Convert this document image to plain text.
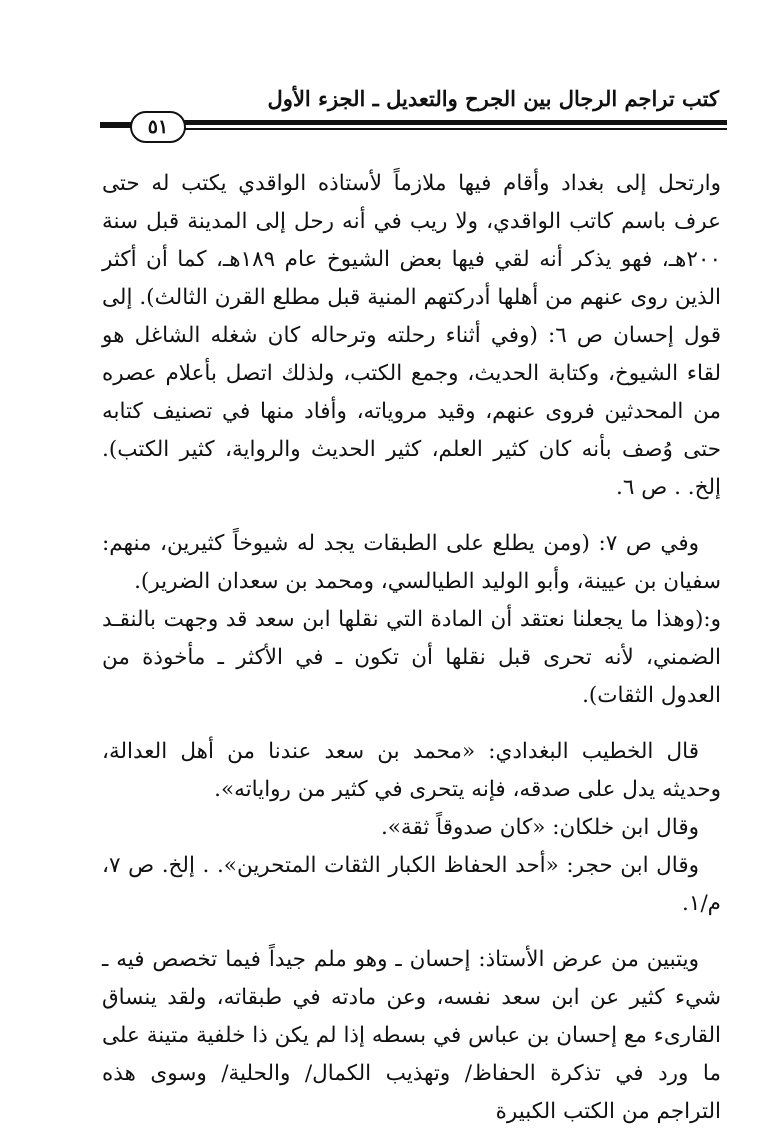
كتب تراجم الرجال بين الجرح والتعديل ـ الجزء الأول
٥١

وارتحل إلى بغداد وأقام فيها ملازماً لأستاذه الواقدي يكتب له حتى عرف باسم كاتب الواقدي، ولا ريب في أنه رحل إلى المدينة قبل سنة ٢٠٠هـ، فهو يذكر أنه لقي فيها بعض الشيوخ عام ١٨٩هـ، كما أن أكثر الذين روى عنهم من أهلها أدركتهم المنية قبل مطلع القرن الثالث). إلى قول إحسان ص ٦: (وفي أثناء رحلته وترحاله كان شغله الشاغل هو لقاء الشيوخ، وكتابة الحديث، وجمع الكتب، ولذلك اتصل بأعلام عصره من المحدثين فروى عنهم، وقيد مروياته، وأفاد منها في تصنيف كتابه حتى وُصف بأنه كان كثير العلم، كثير الحديث والرواية، كثير الكتب). إلخ. . ص ٦.

وفي ص ٧: (ومن يطلع على الطبقات يجد له شيوخاً كثيرين، منهم: سفيان بن عيينة، وأبو الوليد الطيالسي، ومحمد بن سعدان الضرير).

و:(وهذا ما يجعلنا نعتقد أن المادة التي نقلها ابن سعد قد وجهت بالنقـد الضمني، لأنه تحرى قبل نقلها أن تكون ـ في الأكثر ـ مأخوذة من العدول الثقات).

قال الخطيب البغدادي: «محمد بن سعد عندنا من أهل العدالة، وحديثه يدل على صدقه، فإنه يتحرى في كثير من رواياته».

وقال ابن خلكان: «كان صدوقاً ثقة».

وقال ابن حجر: «أحد الحفاظ الكبار الثقات المتحرين». . إلخ. ص ٧، م/١.

ويتبين من عرض الأستاذ: إحسان ـ وهو ملم جيداً فيما تخصص فيه ـ شيء كثير عن ابن سعد نفسه، وعن مادته في طبقاته، ولقد ينساق القارىء مع إحسان بن عباس في بسطه إذا لم يكن ذا خلفية متينة على ما ورد في تذكرة الحفاظ/ وتهذيب الكمال/ والحلية/ وسوى هذه التراجم من الكتب الكبيرة
